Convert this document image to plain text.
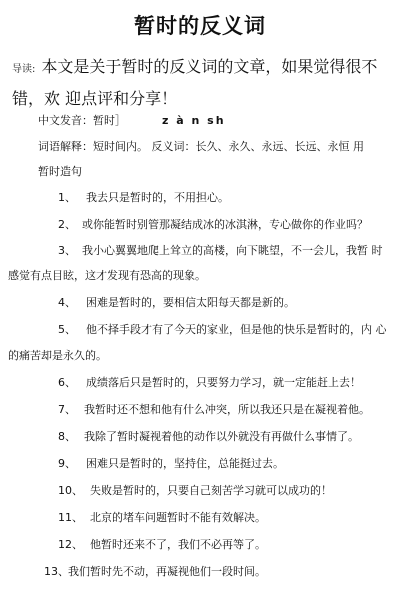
暂时的反义词
导读: 本文是关于暂时的反义词的文章，如果觉得很不
错，欢 迎点评和分享！
中文发音：暂时］	z à n sh
词语解释：短时间内。 反义词：长久、永久、永远、长远、永恒 用
暂时造句
1、 我去只是暂时的，不用担心。
2、 或你能暂时别管那凝结成冰的冰淇淋，专心做你的作业吗？
3、 我小心翼翼地爬上耸立的高楼，向下眺望，不一会儿，我暂 时
感觉有点目眩，这才发现有恐高的现象。
4、 困难是暂时的，要相信太阳每天都是新的。
5、 他不择手段才有了今天的家业，但是他的快乐是暂时的，内 心
的痛苦却是永久的。
6、 成绩落后只是暂时的，只要努力学习，就一定能赶上去！
7、 我暂时还不想和他有什么冲突，所以我还只是在凝视着他。
8、 我除了暂时凝视着他的动作以外就没有再做什么事情了。
9、 困难只是暂时的，坚持住，总能挺过去。
10、 失败是暂时的，只要自己刻苦学习就可以成功的！
11、 北京的堵车问题暂时不能有效解决。
12、 他暂时还来不了，我们不必再等了。
13、我们暂时先不动，再凝视他们一段时间。
